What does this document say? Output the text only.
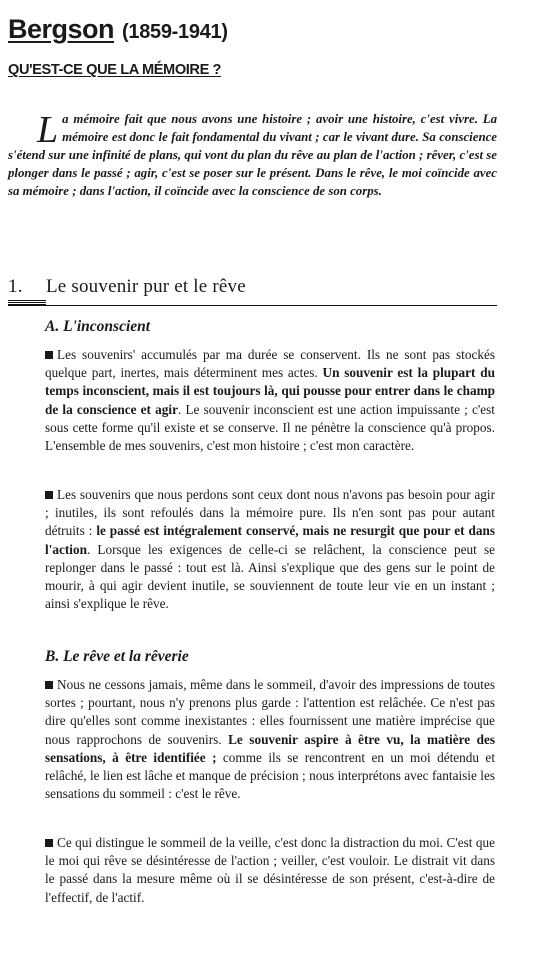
Bergson (1859-1941)
QU'EST-CE QUE LA MÉMOIRE ?
La mémoire fait que nous avons une histoire ; avoir une histoire, c'est vivre. La mémoire est donc le fait fondamental du vivant ; car le vivant dure. Sa conscience s'étend sur une infinité de plans, qui vont du plan du rêve au plan de l'action ; rêver, c'est se plonger dans le passé ; agir, c'est se poser sur le présent. Dans le rêve, le moi coïncide avec sa mémoire ; dans l'action, il coïncide avec la conscience de son corps.
1. Le souvenir pur et le rêve
A. L'inconscient
Les souvenirs' accumulés par ma durée se conservent. Ils ne sont pas stockés quelque part, inertes, mais déterminent mes actes. Un souvenir est la plupart du temps inconscient, mais il est toujours là, qui pousse pour entrer dans le champ de la conscience et agir. Le souvenir inconscient est une action impuissante ; c'est sous cette forme qu'il existe et se conserve. Il ne pénètre la conscience qu'à propos. L'ensemble de mes souvenirs, c'est mon histoire ; c'est mon caractère.
Les souvenirs que nous perdons sont ceux dont nous n'avons pas besoin pour agir ; inutiles, ils sont refoulés dans la mémoire pure. Ils n'en sont pas pour autant détruits : le passé est intégralement conservé, mais ne resurgit que pour et dans l'action. Lorsque les exigences de celle-ci se relâchent, la conscience peut se replonger dans le passé : tout est là. Ainsi s'explique que des gens sur le point de mourir, à qui agir devient inutile, se souviennent de toute leur vie en un instant ; ainsi s'explique le rêve.
B. Le rêve et la rêverie
Nous ne cessons jamais, même dans le sommeil, d'avoir des impressions de toutes sortes ; pourtant, nous n'y prenons plus garde : l'attention est relâchée. Ce n'est pas dire qu'elles sont comme inexistantes : elles fournissent une matière imprécise que nous rapprochons de souvenirs. Le souvenir aspire à être vu, la matière des sensations, à être identifiée ; comme ils se rencontrent en un moi détendu et relâché, le lien est lâche et manque de précision ; nous interprétons avec fantaisie les sensations du sommeil : c'est le rêve.
Ce qui distingue le sommeil de la veille, c'est donc la distraction du moi. C'est que le moi qui rêve se désintéresse de l'action ; veiller, c'est vouloir. Le distrait vit dans le passé dans la mesure même où il se désintéresse de son présent, c'est-à-dire de l'effectif, de l'actif.
